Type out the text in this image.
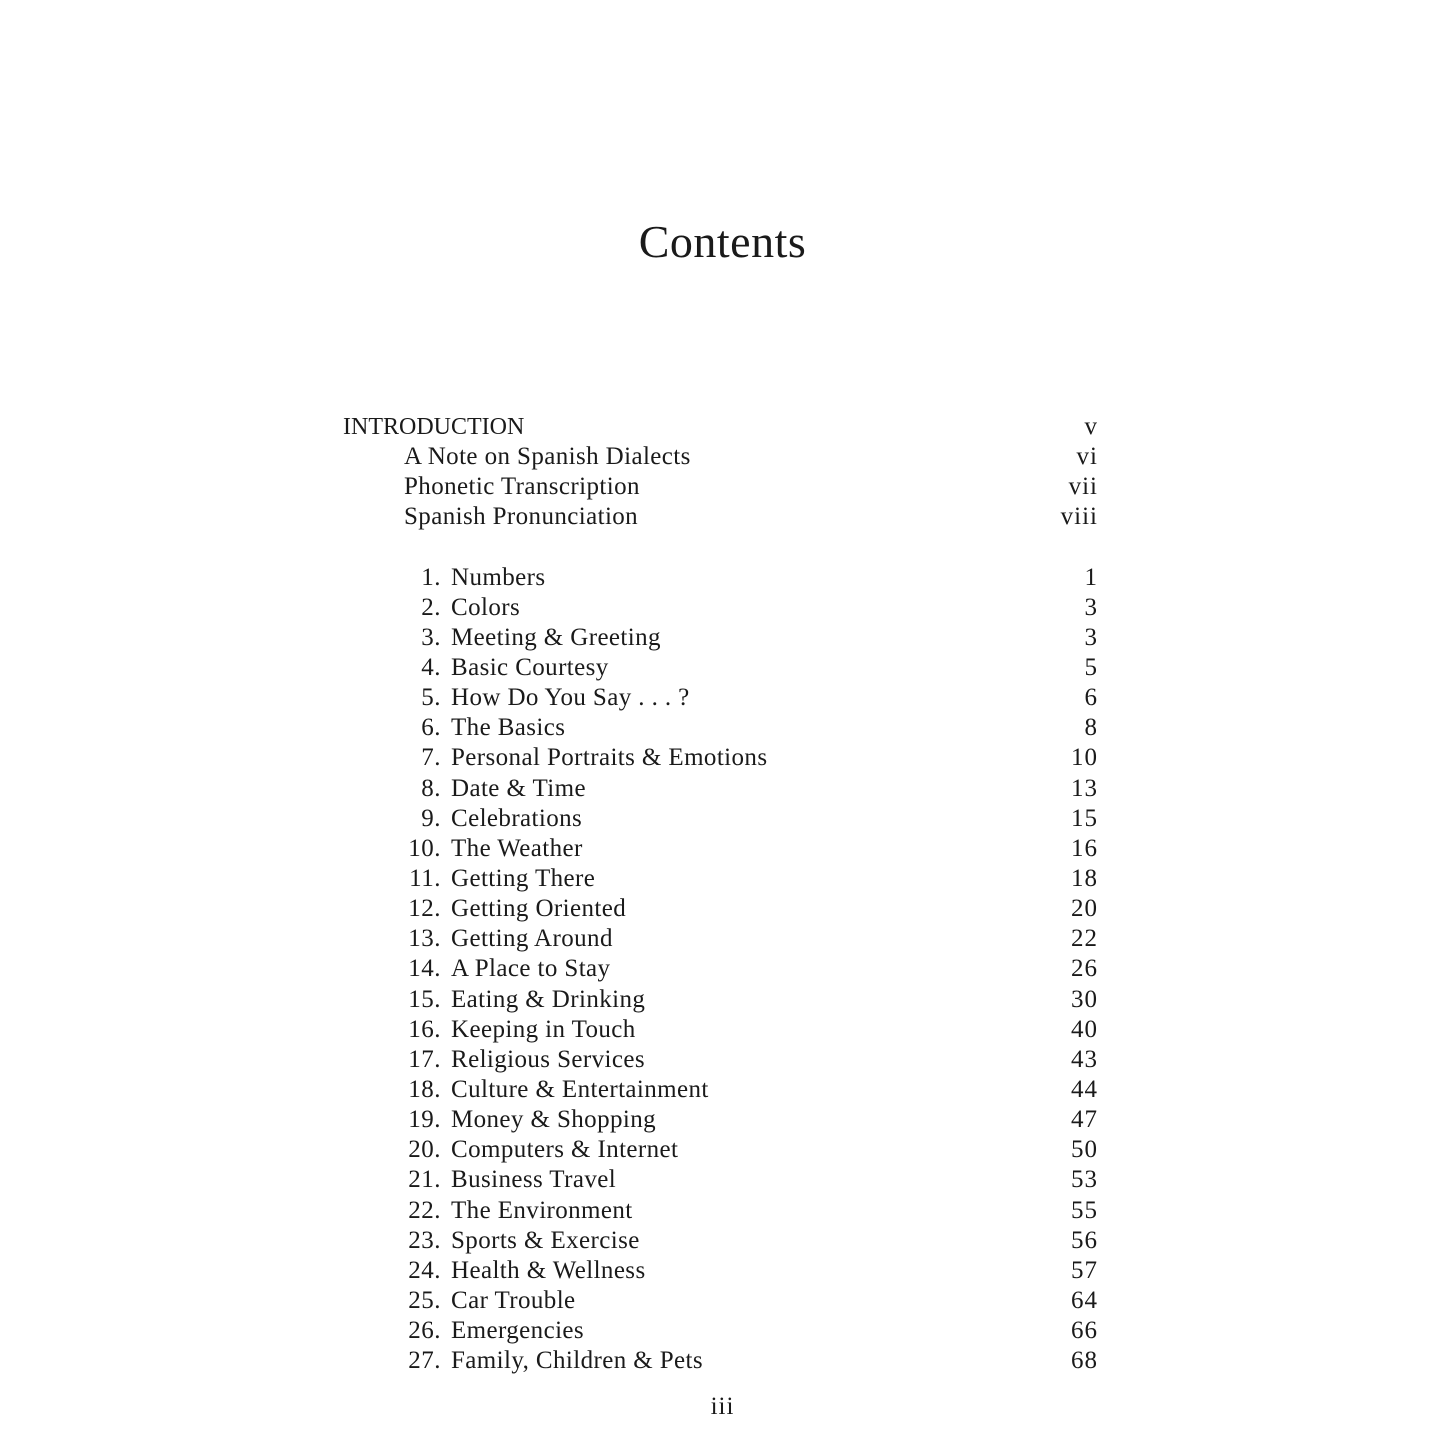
Contents
INTRODUCTION	v
A Note on Spanish Dialects	vi
Phonetic Transcription	vii
Spanish Pronunciation	viii
1. Numbers	1
2. Colors	3
3. Meeting & Greeting	3
4. Basic Courtesy	5
5. How Do You Say . . . ?	6
6. The Basics	8
7. Personal Portraits & Emotions	10
8. Date & Time	13
9. Celebrations	15
10. The Weather	16
11. Getting There	18
12. Getting Oriented	20
13. Getting Around	22
14. A Place to Stay	26
15. Eating & Drinking	30
16. Keeping in Touch	40
17. Religious Services	43
18. Culture & Entertainment	44
19. Money & Shopping	47
20. Computers & Internet	50
21. Business Travel	53
22. The Environment	55
23. Sports & Exercise	56
24. Health & Wellness	57
25. Car Trouble	64
26. Emergencies	66
27. Family, Children & Pets	68
iii
